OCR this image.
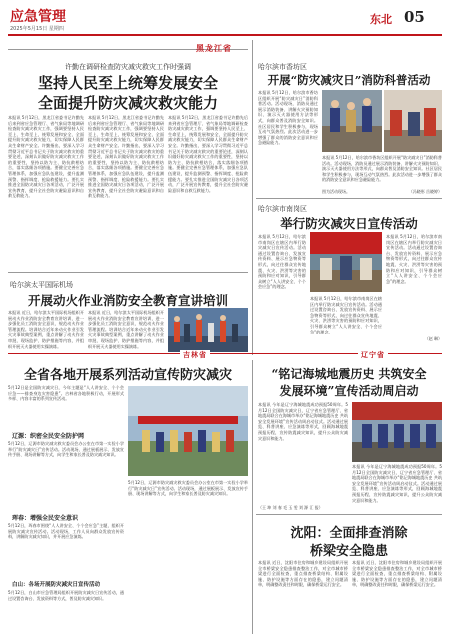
应急管理
2025年5月15日 星期四
东北 05
黑龙江省
许勤在调研检查防灾减灾救灾工作时强调
坚持人民至上统筹发展安全
全面提升防灾减灾救灾能力
本报讯 5月12日，黑龙江省委书记许勤先后来到省应急管理厅、省气象局等地调研检查防灾减灾救灾工作，强调要坚持人民至上、生命至上，统筹发展和安全，全面提升防灾减灾救灾能力，切实保障人民群众生命财产安全。许勤指出，要深入学习贯彻习近平总书记关于防灾减灾救灾的重要论述，深刻认识做好防灾减灾救灾工作的重要性，坚持以防为主、防抗救相结合，落实落细各项措施。要健全完善应急管理体系，加强应急队伍建设，提升监测预警、指挥调度、抢险救援能力。要扎实推进全国防灾减灾日各项活动，广泛开展宣传教育，提升全社会防灾避险意识和自救互救能力。
本报讯 5月12日，黑龙江省委书记许勤先后来到省应急管理厅、省气象局等地调研检查防灾减灾救灾工作，强调要坚持人民至上、生命至上，统筹发展和安全，全面提升防灾减灾救灾能力，切实保障人民群众生命财产安全。许勤指出，要深入学习贯彻习近平总书记关于防灾减灾救灾的重要论述，深刻认识做好防灾减灾救灾工作的重要性，坚持以防为主、防抗救相结合，落实落细各项措施。要健全完善应急管理体系，加强应急队伍建设，提升监测预警、指挥调度、抢险救援能力。要扎实推进全国防灾减灾日各项活动，广泛开展宣传教育，提升全社会防灾避险意识和自救互救能力。
本报讯 5月12日，黑龙江省委书记许勤先后来到省应急管理厅、省气象局等地调研检查防灾减灾救灾工作，强调要坚持人民至上、生命至上，统筹发展和安全，全面提升防灾减灾救灾能力，切实保障人民群众生命财产安全。许勤指出，要深入学习贯彻习近平总书记关于防灾减灾救灾的重要论述，深刻认识做好防灾减灾救灾工作的重要性，坚持以防为主、防抗救相结合，落实落细各项措施。要健全完善应急管理体系，加强应急队伍建设，提升监测预警、指挥调度、抢险救援能力。要扎实推进全国防灾减灾日各项活动，广泛开展宣传教育，提升全社会防灾避险意识和自救互救能力。
哈尔滨太平国际机场
开展动火作业消防安全教育宣讲培训
本报讯 近日，哈尔滨太平国际机场组织开展动火作业消防安全教育宣讲培训，进一步强化员工消防安全意识，规范动火作业管理流程。培训结合近年来动火作业引发火灾事故典型案例，重点讲解了动火作业审批、现场监护、防护措施等内容，并组织开展灭火器使用实操演练。
本报讯 近日，哈尔滨太平国际机场组织开展动火作业消防安全教育宣讲培训，进一步强化员工消防安全意识，规范动火作业管理流程。培训结合近年来动火作业引发火灾事故典型案例，重点讲解了动火作业审批、现场监护、防护措施等内容，并组织开展灭火器使用实操演练。
哈尔滨市香坊区
开展“防灾减灾日”消防科普活动
本报讯 5月12日，哈尔滨市香坊区组织开展“防灾减灾日”消防科普活动。活动现场，消防员通过展示消防装备、讲解火灾预防知识、演示灭火器使用方法等形式，向群众普及消防安全知识。社区居民和学生积极参与，现场互动气氛热烈。此次活动进一步增强了群众的消防安全意识和应急避险能力。
本报讯 5月12日，哈尔滨市香坊区组织开展“防灾减灾日”消防科普活动。活动现场，消防员通过展示消防装备、讲解火灾预防知识、演示灭火器使用方法等形式，向群众普及消防安全知识。社区居民和学生积极参与，现场互动气氛热烈。此次活动进一步增强了群众的消防安全意识和应急避险能力。
图为活动现场。	（冯晓彤 岳晓婷）
哈尔滨市南岗区
举行防灾减灾日宣传活动
本报讯 5月12日，哈尔滨市南岗区在辖区内举行防灾减灾日宣传活动。活动通过设置咨询台、发放宣传资料、展示应急物资等形式，向过往群众宣传地震、火灾、洪涝等灾害的预防和应对知识，引导群众树立“人人讲安全、个个会应急”的理念。
本报讯 5月12日，哈尔滨市南岗区在辖区内举行防灾减灾日宣传活动。活动通过设置咨询台、发放宣传资料、展示应急物资等形式，向过往群众宣传地震、火灾、洪涝等灾害的预防和应对知识，引导群众树立“人人讲安全、个个会应急”的理念。
本报讯 5月12日，哈尔滨市南岗区在辖区内举行防灾减灾日宣传活动。活动通过设置咨询台、发放宣传资料、展示应急物资等形式，向过往群众宣传地震、火灾、洪涝等灾害的预防和应对知识，引导群众树立“人人讲安全、个个会应急”的理念。
（赵 琳）
吉林省	辽宁省
全省各地开展系列活动宣传防灾减灾
5月12日是全国防灾减灾日，今年主题是“人人讲安全、个个会应急——排查身边灾害隐患”。吉林省各地积极行动，开展形式多样、内容丰富的系列宣传活动。
辽源：织密全民安全防护网
5月12日，辽源市防灾减灾救灾委员会办公室在市第一实验小学举行“防灾减灾日”宣传活动。活动现场，通过展板展示、发放宣传手册、现场讲解等方式，向学生和家长普及防灾减灾知识。
珲春：增强全民安全意识
5月12日，珲春市围绕“人人讲安全、个个会应急”主题，组织开展防灾减灾宣传活动。活动现场，工作人员向群众发放宣传资料，讲解防灾减灾知识，并开展应急演练。
白山：各场开展防灾减灾日宣传活动
5月12日，白山市应急管理局组织开展防灾减灾日宣传活动，通过设置咨询台、发放资料等方式，普及防灾减灾知识。
5月12日，辽源市防灾减灾救灾委员会办公室在市第一实验小学举行“防灾减灾日”宣传活动。活动现场，通过展板展示、发放宣传手册、现场讲解等方式，向学生和家长普及防灾减灾知识。
“铭记海城地震历史 共筑安全
发展环境”宣传活动周启动
本报讯 今年是辽宁海城地震成功预报50周年。5月12日全国防灾减灾日，辽宁省应急管理厅、省地震局联合在海城市举办“铭记海城地震历史 共筑安全发展环境”宣传活动周启动仪式。活动通过展览、科普讲座、应急演练等形式，回顾海城地震预报历程，宣传防震减灾知识，提升公众防灾减灾意识和能力。
本报讯 今年是辽宁海城地震成功预报50周年。5月12日全国防灾减灾日，辽宁省应急管理厅、省地震局联合在海城市举办“铭记海城地震历史 共筑安全发展环境”宣传活动周启动仪式。活动通过展览、科普讲座、应急演练等形式，回顾海城地震预报历程，宣传防震减灾知识，提升公众防灾减灾意识和能力。
（王 坤 刘 春 毛 玉 雯 刘 源 汇 报）
沈阳：全面排查消除
桥梁安全隐患
本报讯 近日，沈阳市住房和城乡建设局组织开展全市桥梁安全隐患排查整治工作，对全市城市桥梁进行全面检查，重点排查桥梁结构、附属设施、防护设施等方面存在的隐患，建立问题清单，明确整改责任和时限，确保桥梁运行安全。
本报讯 近日，沈阳市住房和城乡建设局组织开展全市桥梁安全隐患排查整治工作，对全市城市桥梁进行全面检查，重点排查桥梁结构、附属设施、防护设施等方面存在的隐患，建立问题清单，明确整改责任和时限，确保桥梁运行安全。
